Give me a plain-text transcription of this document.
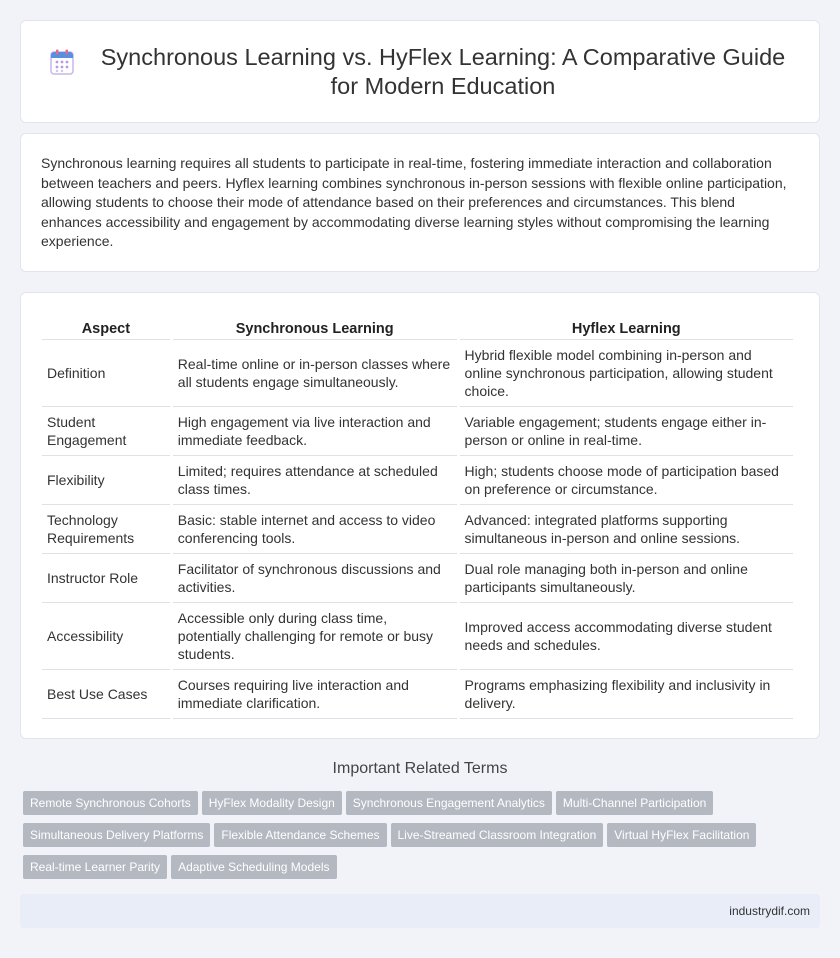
Synchronous Learning vs. HyFlex Learning: A Comparative Guide for Modern Education

Synchronous learning requires all students to participate in real-time, fostering immediate interaction and collaboration between teachers and peers. Hyflex learning combines synchronous in-person sessions with flexible online participation, allowing students to choose their mode of attendance based on their preferences and circumstances. This blend enhances accessibility and engagement by accommodating diverse learning styles without compromising the learning experience.

Aspect	Synchronous Learning	Hyflex Learning
Definition	Real-time online or in-person classes where all students engage simultaneously.	Hybrid flexible model combining in-person and online synchronous participation, allowing student choice.
Student Engagement	High engagement via live interaction and immediate feedback.	Variable engagement; students engage either in-person or online in real-time.
Flexibility	Limited; requires attendance at scheduled class times.	High; students choose mode of participation based on preference or circumstance.
Technology Requirements	Basic: stable internet and access to video conferencing tools.	Advanced: integrated platforms supporting simultaneous in-person and online sessions.
Instructor Role	Facilitator of synchronous discussions and activities.	Dual role managing both in-person and online participants simultaneously.
Accessibility	Accessible only during class time, potentially challenging for remote or busy students.	Improved access accommodating diverse student needs and schedules.
Best Use Cases	Courses requiring live interaction and immediate clarification.	Programs emphasizing flexibility and inclusivity in delivery.
Important Related Terms
Remote Synchronous Cohorts HyFlex Modality Design Synchronous Engagement Analytics Multi-Channel ParticipationSimultaneous Delivery Platforms Flexible Attendance Schemes Live-Streamed Classroom Integration Virtual HyFlex FacilitationReal-time Learner Parity Adaptive Scheduling Models
industrydif.com
